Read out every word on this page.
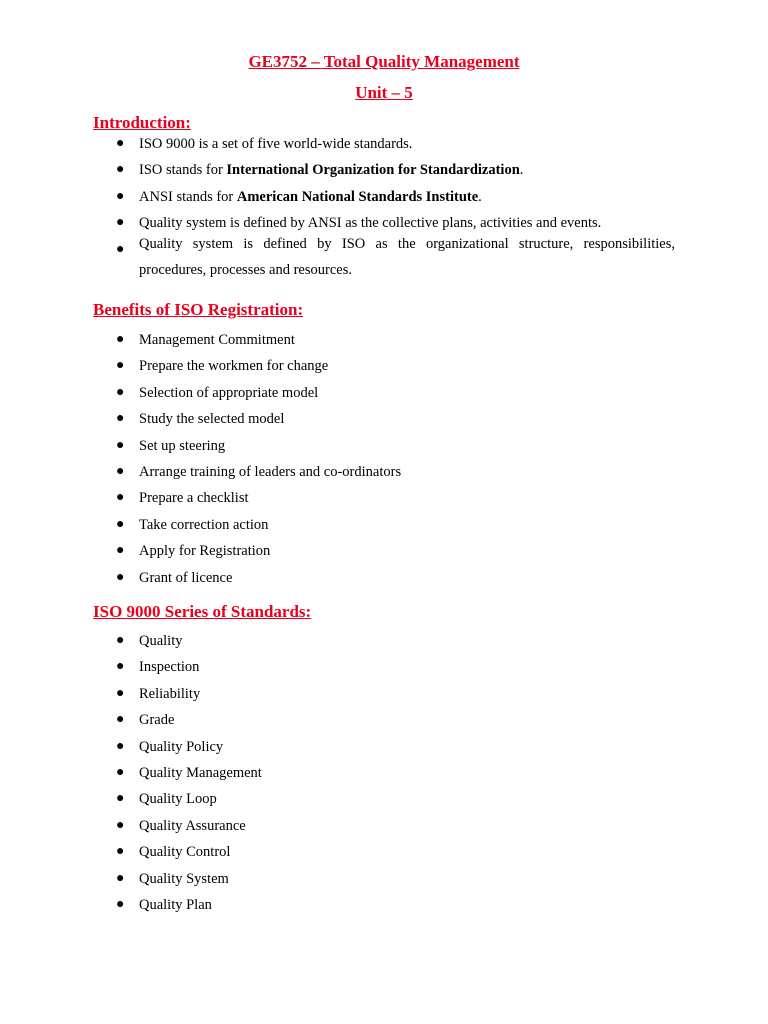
GE3752 – Total Quality Management
Unit – 5
Introduction:
● ISO 9000 is a set of five world-wide standards.
● ISO stands for International Organization for Standardization.
● ANSI stands for American National Standards Institute.
● Quality system is defined by ANSI as the collective plans, activities and events.
● Quality system is defined by ISO as the organizational structure, responsibilities,
procedures, processes and resources.
Benefits of ISO Registration:
● Management Commitment
● Prepare the workmen for change
● Selection of appropriate model
● Study the selected model
● Set up steering
● Arrange training of leaders and co-ordinators
● Prepare a checklist
● Take correction action
● Apply for Registration
● Grant of licence
ISO 9000 Series of Standards:
● Quality
● Inspection
● Reliability
● Grade
● Quality Policy
● Quality Management
● Quality Loop
● Quality Assurance
● Quality Control
● Quality System
● Quality Plan
